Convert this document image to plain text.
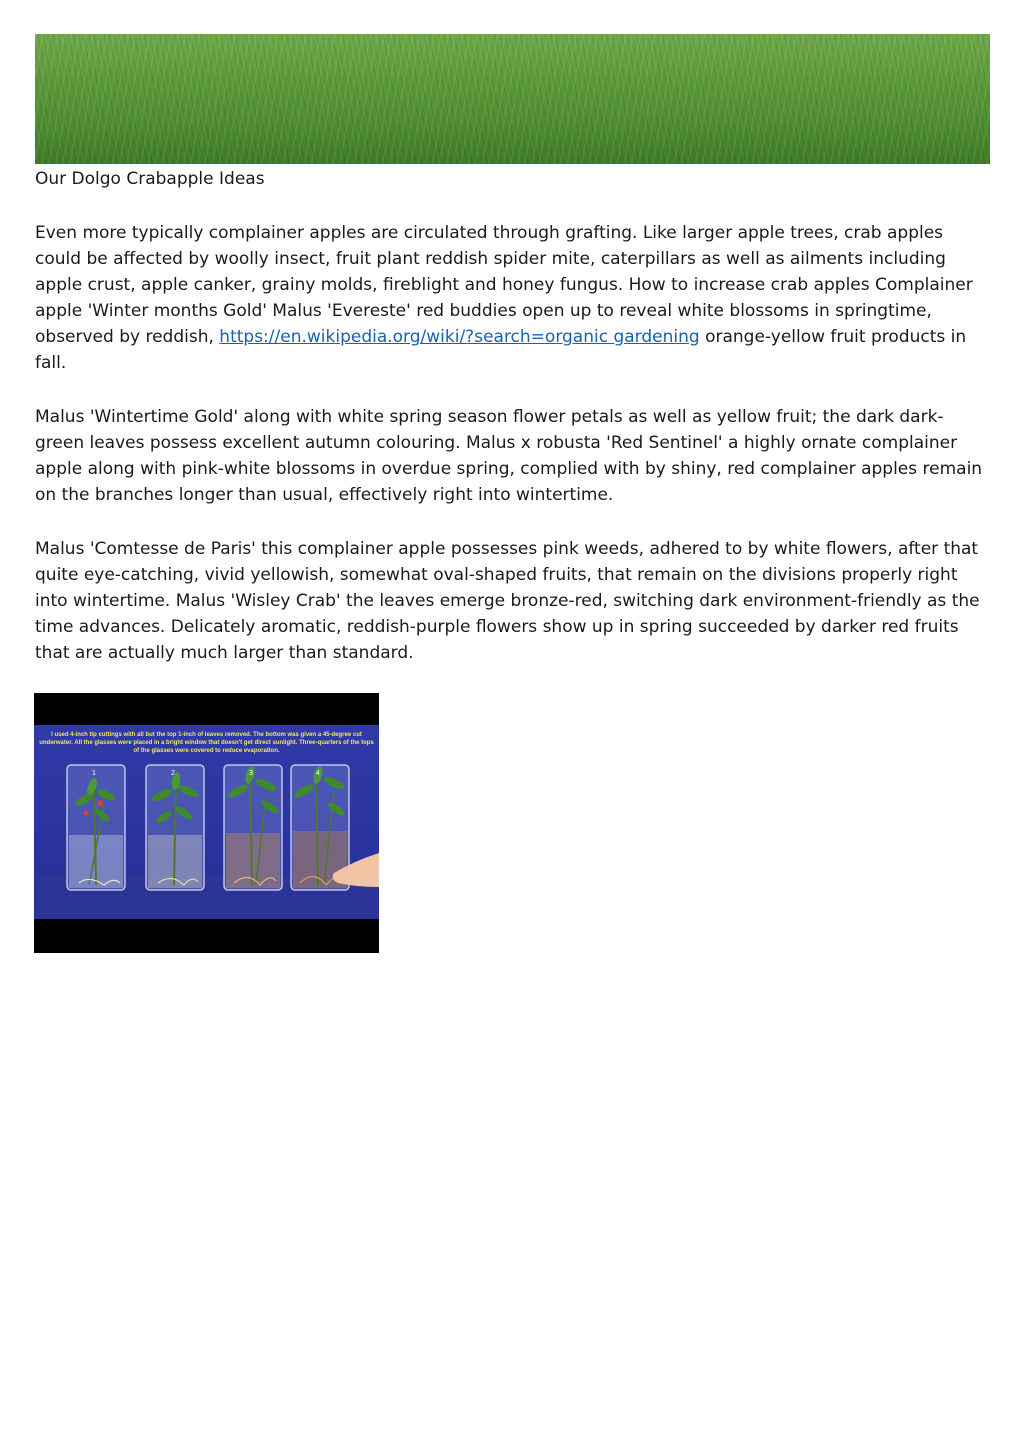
Our Dolgo Crabapple Ideas

Even more typically complainer apples are circulated through grafting. Like larger apple trees, crab apples could be affected by woolly insect, fruit plant reddish spider mite, caterpillars as well as ailments including apple crust, apple canker, grainy molds, fireblight and honey fungus. How to increase crab apples Complainer apple 'Winter months Gold' Malus 'Evereste' red buddies open up to reveal white blossoms in springtime, observed by reddish, https://en.wikipedia.org/wiki/?search=organic gardening orange-yellow fruit products in fall.

Malus 'Wintertime Gold' along with white spring season flower petals as well as yellow fruit; the dark dark-green leaves possess excellent autumn colouring. Malus x robusta 'Red Sentinel' a highly ornate complainer apple along with pink-white blossoms in overdue spring, complied with by shiny, red complainer apples remain on the branches longer than usual, effectively right into wintertime.

Malus 'Comtesse de Paris' this complainer apple possesses pink weeds, adhered to by white flowers, after that quite eye-catching, vivid yellowish, somewhat oval-shaped fruits, that remain on the divisions properly right into wintertime. Malus 'Wisley Crab' the leaves emerge bronze-red, switching dark environment-friendly as the time advances. Delicately aromatic, reddish-purple flowers show up in spring succeeded by darker red fruits that are actually much larger than standard.

1	2	3	4
I used 4-inch tip cuttings with all but the top 1-inch of leaves removed. The bottom was given a 45-degree cut underwater. All the glasses were placed in a bright window that doesn't get direct sunlight. Three-quarters of the tops of the glasses were covered to reduce evaporation.
